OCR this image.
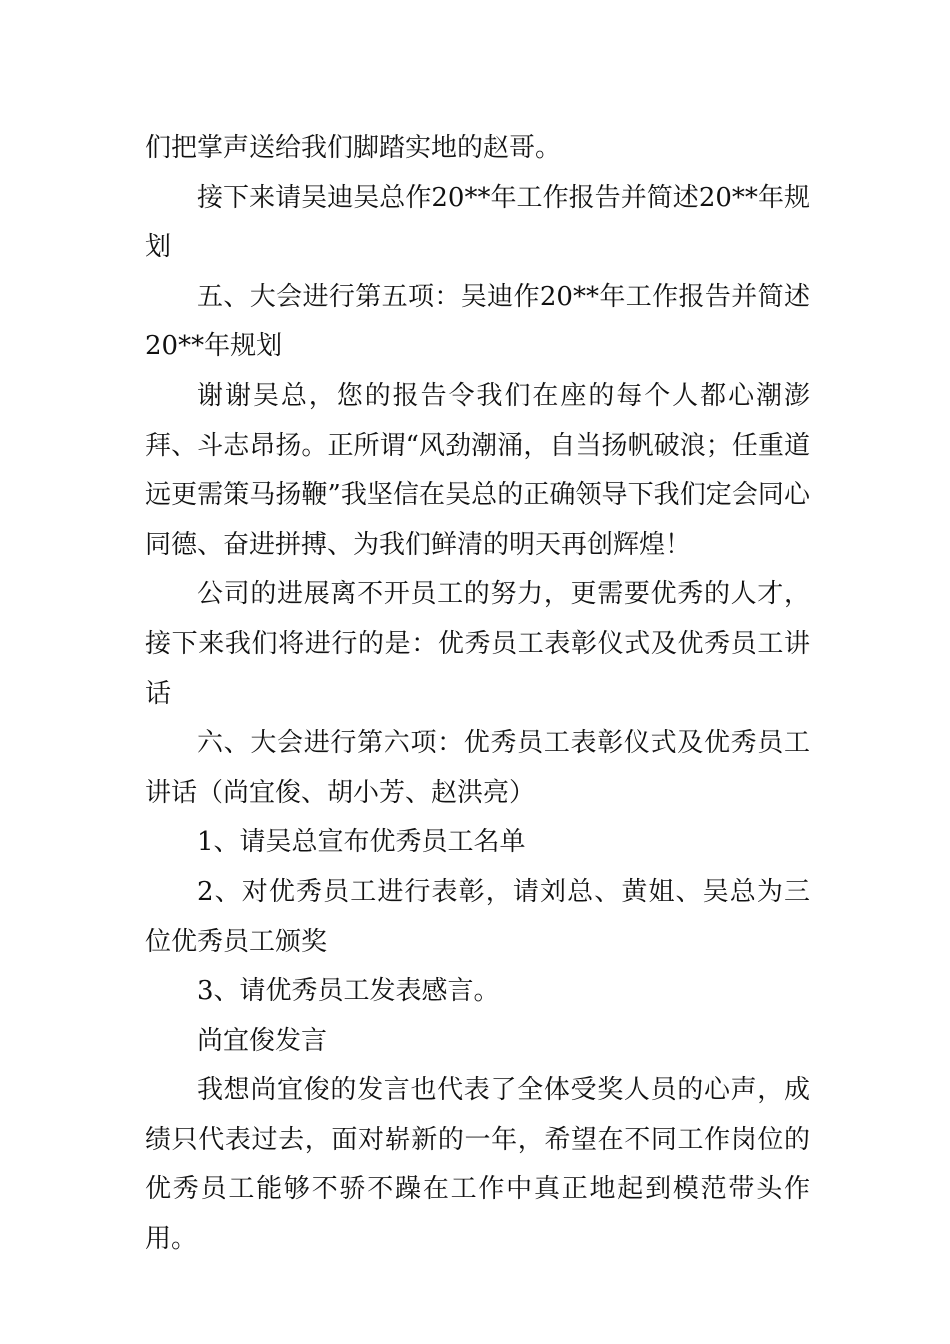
们把掌声送给我们脚踏实地的赵哥。

接下来请吴迪吴总作20**年工作报告并简述20**年规划

五、大会进行第五项：吴迪作20**年工作报告并简述20**年规划

谢谢吴总，您的报告令我们在座的每个人都心潮澎拜、斗志昂扬。正所谓“风劲潮涌，自当扬帆破浪；任重道远更需策马扬鞭”我坚信在吴总的正确领导下我们定会同心同德、奋进拼搏、为我们鲜清的明天再创辉煌！

公司的进展离不开员工的努力，更需要优秀的人才，接下来我们将进行的是：优秀员工表彰仪式及优秀员工讲话

六、大会进行第六项：优秀员工表彰仪式及优秀员工讲话（尚宜俊、胡小芳、赵洪亮）

1、请吴总宣布优秀员工名单

2、对优秀员工进行表彰，请刘总、黄姐、吴总为三位优秀员工颁奖

3、请优秀员工发表感言。

尚宜俊发言

我想尚宜俊的发言也代表了全体受奖人员的心声，成绩只代表过去，面对崭新的一年，希望在不同工作岗位的优秀员工能够不骄不躁在工作中真正地起到模范带头作用。
